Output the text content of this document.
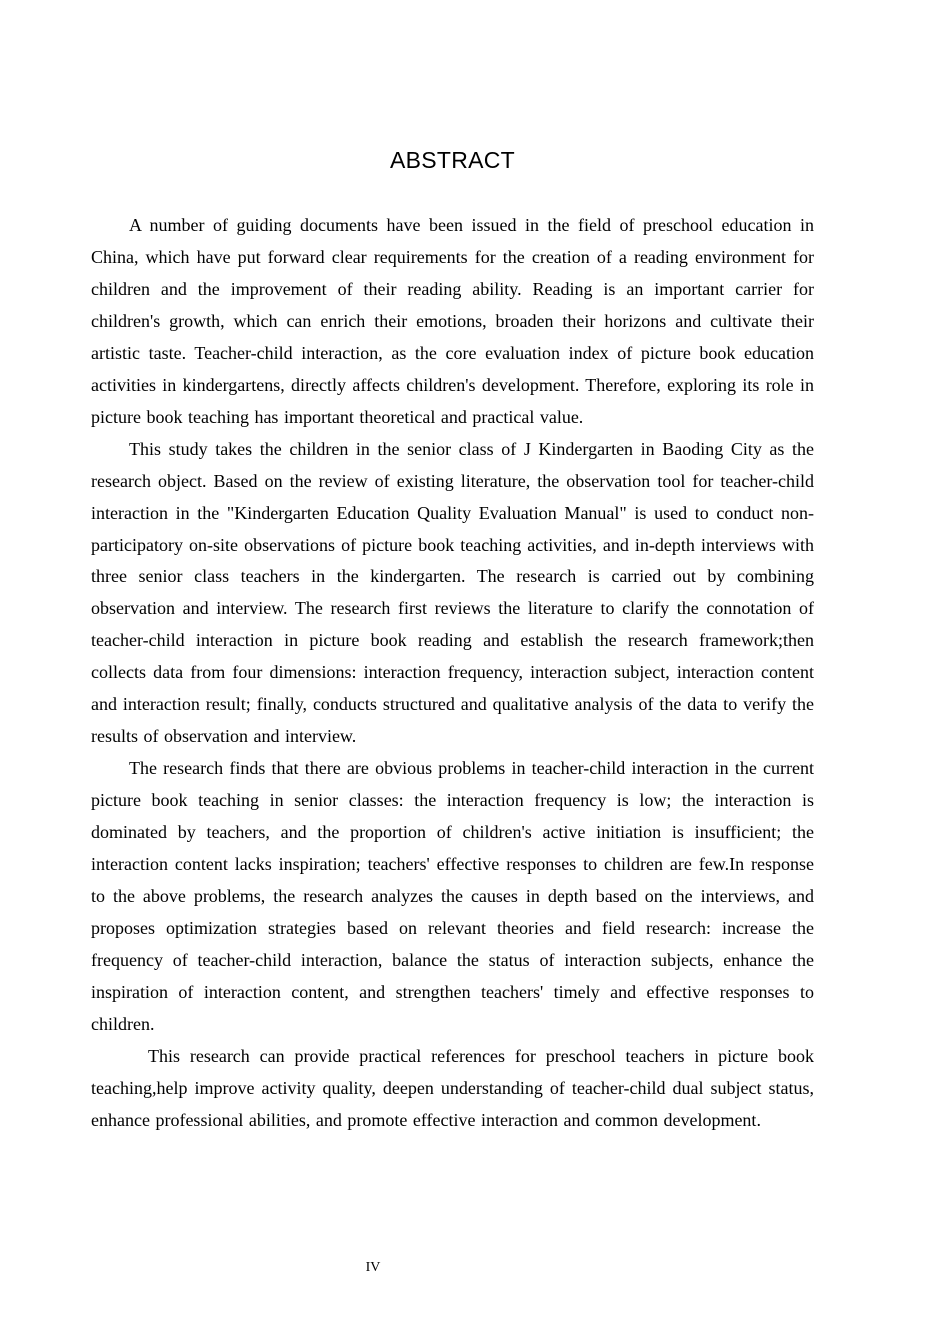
ABSTRACT

A number of guiding documents have been issued in the field of preschool education in China, which have put forward clear requirements for the creation of a reading environment for children and the improvement of their reading ability. Reading is an important carrier for children's growth, which can enrich their emotions, broaden their horizons and cultivate their artistic taste. Teacher-child interaction, as the core evaluation index of picture book education activities in kindergartens, directly affects children's development. Therefore, exploring its role in picture book teaching has important theoretical and practical value.

This study takes the children in the senior class of J Kindergarten in Baoding City as the research object. Based on the review of existing literature, the observation tool for teacher-child interaction in the "Kindergarten Education Quality Evaluation Manual" is used to conduct non-participatory on-site observations of picture book teaching activities, and in-depth interviews with three senior class teachers in the kindergarten. The research is carried out by combining observation and interview. The research first reviews the literature to clarify the connotation of teacher-child interaction in picture book reading and establish the research framework;then collects data from four dimensions: interaction frequency, interaction subject, interaction content and interaction result; finally, conducts structured and qualitative analysis of the data to verify the results of observation and interview.

The research finds that there are obvious problems in teacher-child interaction in the current picture book teaching in senior classes: the interaction frequency is low; the interaction is dominated by teachers, and the proportion of children's active initiation is insufficient; the interaction content lacks inspiration; teachers' effective responses to children are few.In response to the above problems, the research analyzes the causes in depth based on the interviews, and proposes optimization strategies based on relevant theories and field research: increase the frequency of teacher-child interaction, balance the status of interaction subjects, enhance the inspiration of interaction content, and strengthen teachers' timely and effective responses to children.

This research can provide practical references for preschool teachers in picture book teaching,help improve activity quality, deepen understanding of teacher-child dual subject status, enhance professional abilities, and promote effective interaction and common development.

IV
